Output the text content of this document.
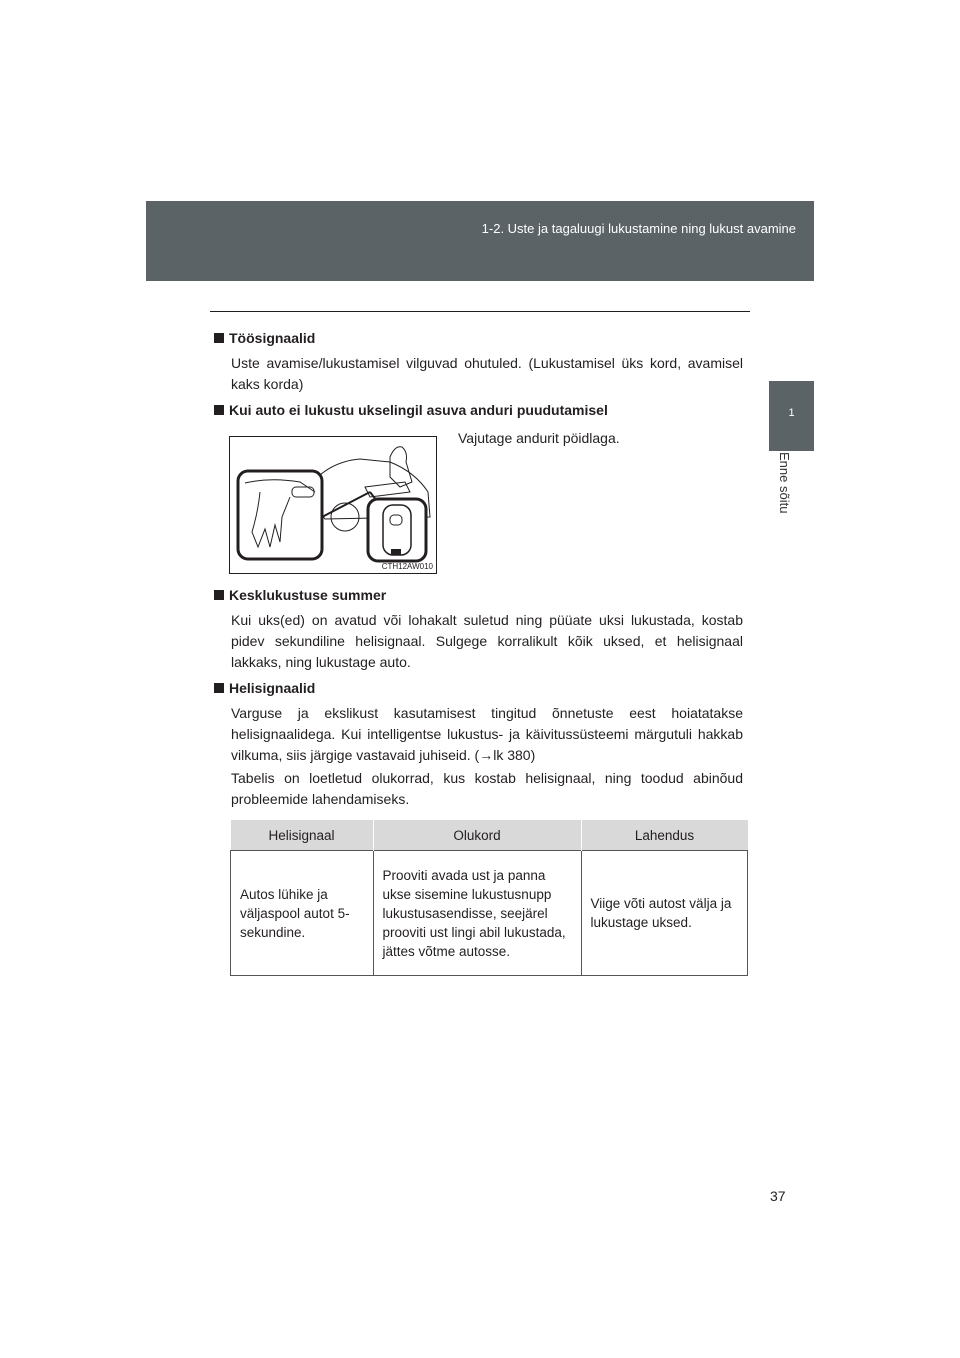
1-2. Uste ja tagaluugi lukustamine ning lukust avamine
1
Enne sõitu
Töösignaalid
Uste avamise/lukustamisel vilguvad ohutuled. (Lukustamisel üks kord, avamisel kaks korda)
Kui auto ei lukustu ukselingil asuva anduri puudutamisel
CTH12AW010
Vajutage andurit pöidlaga.
Kesklukustuse summer
Kui uks(ed) on avatud või lohakalt suletud ning püüate uksi lukustada, kostab pidev sekundiline helisignaal. Sulgege korralikult kõik uksed, et helisignaal lakkaks, ning lukustage auto.
Helisignaalid
Varguse ja ekslikust kasutamisest tingitud õnnetuste eest hoiatatakse helisignaalidega. Kui intelligentse lukustus- ja käivitussüsteemi märgutuli hakkab vilkuma, siis järgige vastavaid juhiseid. (→lk 380)
Tabelis on loetletud olukorrad, kus kostab helisignaal, ning toodud abinõud probleemide lahendamiseks.
Helisignaal	Olukord	Lahendus
Autos lühike ja väljaspool autot 5-sekundine.	Prooviti avada ust ja panna ukse sisemine lukustusnupp lukustusasendisse, seejärel prooviti ust lingi abil lukustada, jättes võtme autosse.	Viige võti autost välja ja lukustage uksed.
37
